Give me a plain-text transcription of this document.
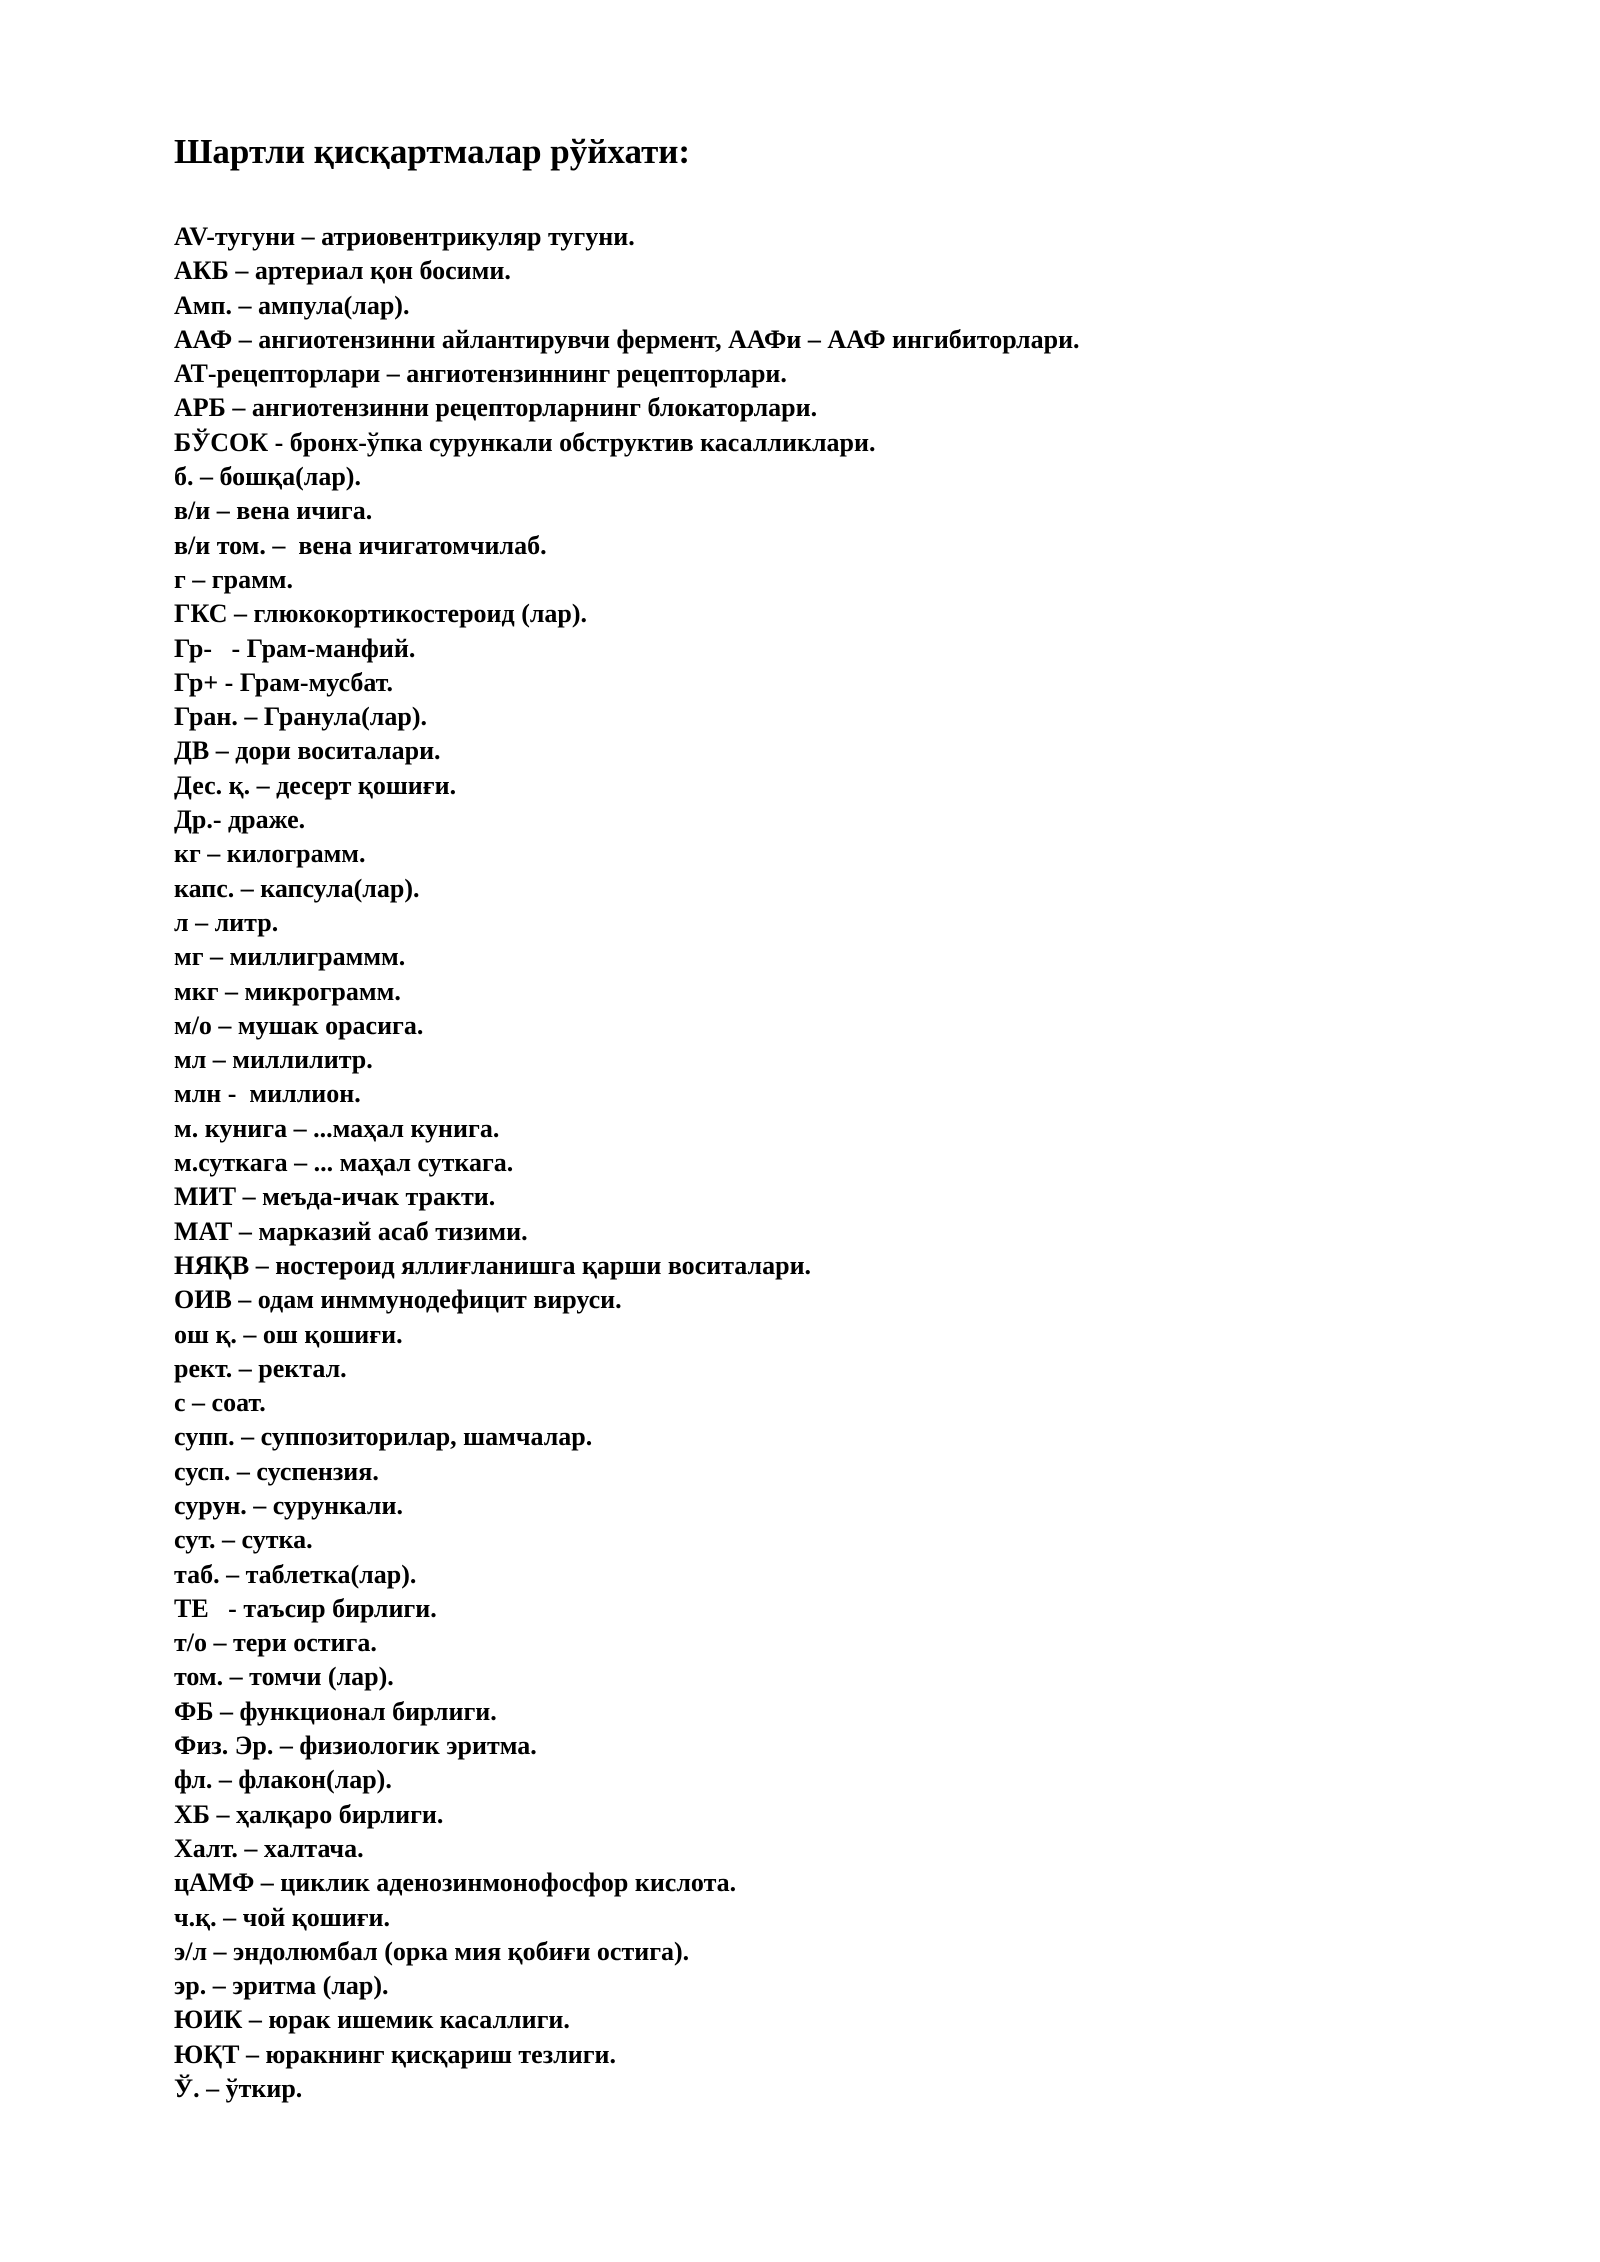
Шартли қисқартмалар рўйхати:
AV-тугуни – атриовентрикуляр тугуни.
АКБ – артериал қон босими.
Амп. – ампула(лар).
ААФ – ангиотензинни айлантирувчи фермент, ААФи – ААФ ингибиторлари.
АТ-рецепторлари – ангиотензиннинг рецепторлари.
АРБ – ангиотензинни рецепторларнинг блокаторлари.
БЎСОК - бронх-ўпка сурункали обструктив касалликлари.
б. – бошқа(лар).
в/и – вена ичига.
в/и том. –  вена ичигатомчилаб.
г – грамм.
ГКС – глюкокортикостероид (лар).
Гр-   - Грам-манфий.
Гр+ - Грам-мусбат.
Гран. – Гранула(лар).
ДВ – дори воситалари.
Дес. қ. – десерт қошиғи.
Др.- драже.
кг – килограмм.
капс. – капсула(лар).
л – литр.
мг – миллиграммм.
мкг – микрограмм.
м/о – мушак орасига.
мл – миллилитр.
млн -  миллион.
м. кунига – ...маҳал кунига.
м.суткага – ... маҳал суткага.
МИТ – меъда-ичак тракти.
МАТ – марказий асаб тизими.
НЯҚВ – ностероид яллиғланишга қарши воситалари.
ОИВ – одам инммунодефицит вируси.
ош қ. – ош қошиғи.
рект. – ректал.
с – соат.
супп. – суппозиторилар, шамчалар.
сусп. – суспензия.
сурун. – сурункали.
сут. – сутка.
таб. – таблетка(лар).
ТЕ   - таъсир бирлиги.
т/о – тери остига.
том. – томчи (лар).
ФБ – функционал бирлиги.
Физ. Эр. – физиологик эритма.
фл. – флакон(лар).
ХБ – ҳалқаро бирлиги.
Халт. – халтача.
цАМФ – циклик аденозинмонофосфор кислота.
ч.қ. – чой қошиғи.
э/л – эндолюмбал (орка мия қобиғи остига).
эр. – эритма (лар).
ЮИК – юрак ишемик касаллиги.
ЮҚТ – юракнинг қисқариш тезлиги.
Ў. – ўткир.
